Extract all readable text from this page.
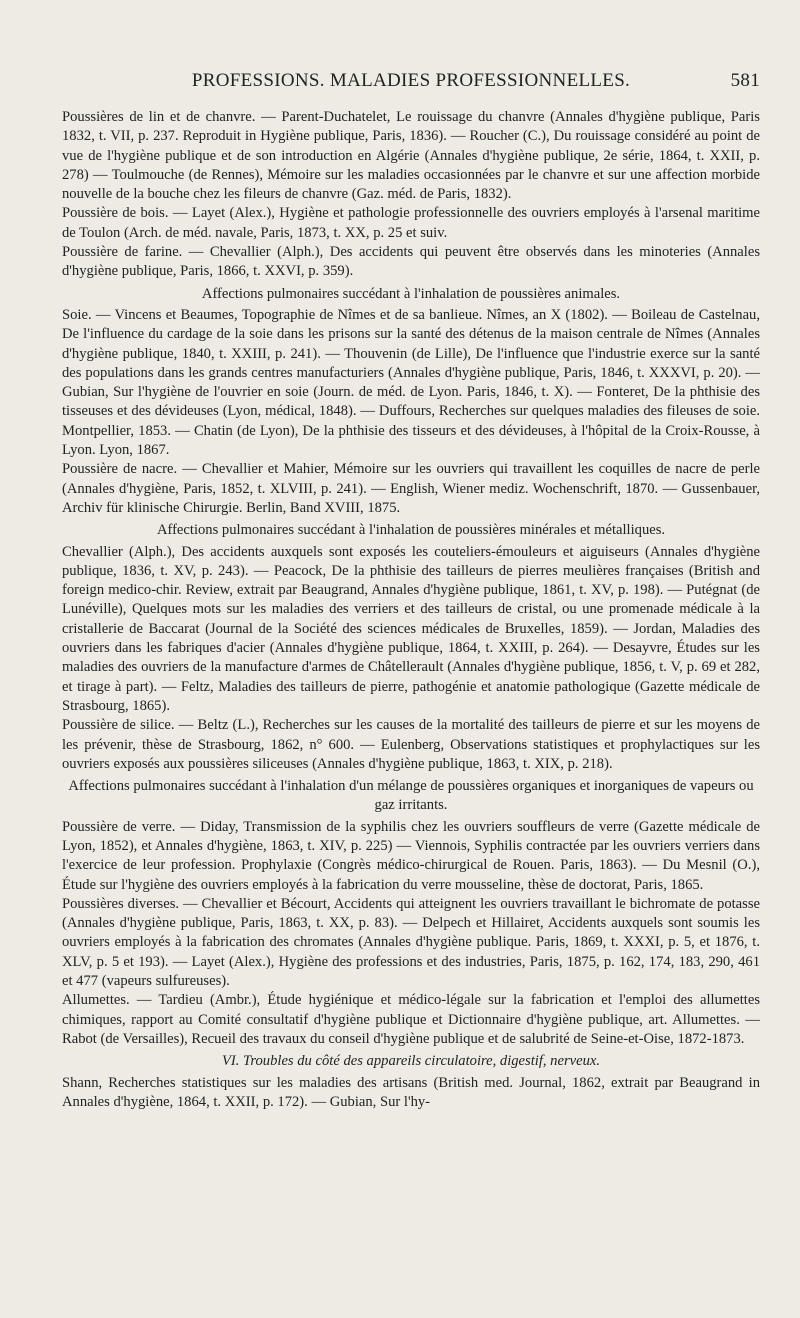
PROFESSIONS. MALADIES PROFESSIONNELLES.	581

Poussières de lin et de chanvre. — Parent-Duchatelet, Le rouissage du chanvre (Annales d'hygiène publique, Paris 1832, t. VII, p. 237. Reproduit in Hygiène publique, Paris, 1836). — Roucher (C.), Du rouissage considéré au point de vue de l'hygiène publique et de son introduction en Algérie (Annales d'hygiène publique, 2e série, 1864, t. XXII, p. 278) — Toulmouche (de Rennes), Mémoire sur les maladies occasionnées par le chanvre et sur une affection morbide nouvelle de la bouche chez les fileurs de chanvre (Gaz. méd. de Paris, 1832).

Poussière de bois. — Layet (Alex.), Hygiène et pathologie professionnelle des ouvriers employés à l'arsenal maritime de Toulon (Arch. de méd. navale, Paris, 1873, t. XX, p. 25 et suiv.

Poussière de farine. — Chevallier (Alph.), Des accidents qui peuvent être observés dans les minoteries (Annales d'hygiène publique, Paris, 1866, t. XXVI, p. 359).

Affections pulmonaires succédant à l'inhalation de poussières animales.

Soie. — Vincens et Beaumes, Topographie de Nîmes et de sa banlieue. Nîmes, an X (1802). — Boileau de Castelnau, De l'influence du cardage de la soie dans les prisons sur la santé des détenus de la maison centrale de Nîmes (Annales d'hygiène publique, 1840, t. XXIII, p. 241). — Thouvenin (de Lille), De l'influence que l'industrie exerce sur la santé des populations dans les grands centres manufacturiers (Annales d'hygiène publique, Paris, 1846, t. XXXVI, p. 20). — Gubian, Sur l'hygiène de l'ouvrier en soie (Journ. de méd. de Lyon. Paris, 1846, t. X). — Fonteret, De la phthisie des tisseuses et des dévideuses (Lyon, médical, 1848). — Duffours, Recherches sur quelques maladies des fileuses de soie. Montpellier, 1853. — Chatin (de Lyon), De la phthisie des tisseurs et des dévideuses, à l'hôpital de la Croix-Rousse, à Lyon. Lyon, 1867.

Poussière de nacre. — Chevallier et Mahier, Mémoire sur les ouvriers qui travaillent les coquilles de nacre de perle (Annales d'hygiène, Paris, 1852, t. XLVIII, p. 241). — English, Wiener mediz. Wochenschrift, 1870. — Gussenbauer, Archiv für klinische Chirurgie. Berlin, Band XVIII, 1875.

Affections pulmonaires succédant à l'inhalation de poussières minérales et métalliques.

Chevallier (Alph.), Des accidents auxquels sont exposés les couteliers-émouleurs et aiguiseurs (Annales d'hygiène publique, 1836, t. XV, p. 243). — Peacock, De la phthisie des tailleurs de pierres meulières françaises (British and foreign medico-chir. Review, extrait par Beaugrand, Annales d'hygiène publique, 1861, t. XV, p. 198). — Putégnat (de Lunéville), Quelques mots sur les maladies des verriers et des tailleurs de cristal, ou une promenade médicale à la cristallerie de Baccarat (Journal de la Société des sciences médicales de Bruxelles, 1859). — Jordan, Maladies des ouvriers dans les fabriques d'acier (Annales d'hygiène publique, 1864, t. XXIII, p. 264). — Desayvre, Études sur les maladies des ouvriers de la manufacture d'armes de Châtellerault (Annales d'hygiène publique, 1856, t. V, p. 69 et 282, et tirage à part). — Feltz, Maladies des tailleurs de pierre, pathogénie et anatomie pathologique (Gazette médicale de Strasbourg, 1865).

Poussière de silice. — Beltz (L.), Recherches sur les causes de la mortalité des tailleurs de pierre et sur les moyens de les prévenir, thèse de Strasbourg, 1862, n° 600. — Eulenberg, Observations statistiques et prophylactiques sur les ouvriers exposés aux poussières siliceuses (Annales d'hygiène publique, 1863, t. XIX, p. 218).

Affections pulmonaires succédant à l'inhalation d'un mélange de poussières organiques et inorganiques de vapeurs ou gaz irritants.

Poussière de verre. — Diday, Transmission de la syphilis chez les ouvriers souffleurs de verre (Gazette médicale de Lyon, 1852), et Annales d'hygiène, 1863, t. XIV, p. 225) — Viennois, Syphilis contractée par les ouvriers verriers dans l'exercice de leur profession. Prophylaxie (Congrès médico-chirurgical de Rouen. Paris, 1863). — Du Mesnil (O.), Étude sur l'hygiène des ouvriers employés à la fabrication du verre mousseline, thèse de doctorat, Paris, 1865.

Poussières diverses. — Chevallier et Bécourt, Accidents qui atteignent les ouvriers travaillant le bichromate de potasse (Annales d'hygiène publique, Paris, 1863, t. XX, p. 83). — Delpech et Hillairet, Accidents auxquels sont soumis les ouvriers employés à la fabrication des chromates (Annales d'hygiène publique. Paris, 1869, t. XXXI, p. 5, et 1876, t. XLV, p. 5 et 193). — Layet (Alex.), Hygiène des professions et des industries, Paris, 1875, p. 162, 174, 183, 290, 461 et 477 (vapeurs sulfureuses).

Allumettes. — Tardieu (Ambr.), Étude hygiénique et médico-légale sur la fabrication et l'emploi des allumettes chimiques, rapport au Comité consultatif d'hygiène publique et Dictionnaire d'hygiène publique, art. Allumettes. — Rabot (de Versailles), Recueil des travaux du conseil d'hygiène publique et de salubrité de Seine-et-Oise, 1872-1873.

VI. Troubles du côté des appareils circulatoire, digestif, nerveux.

Shann, Recherches statistiques sur les maladies des artisans (British med. Journal, 1862, extrait par Beaugrand in Annales d'hygiène, 1864, t. XXII, p. 172). — Gubian, Sur l'hy-
